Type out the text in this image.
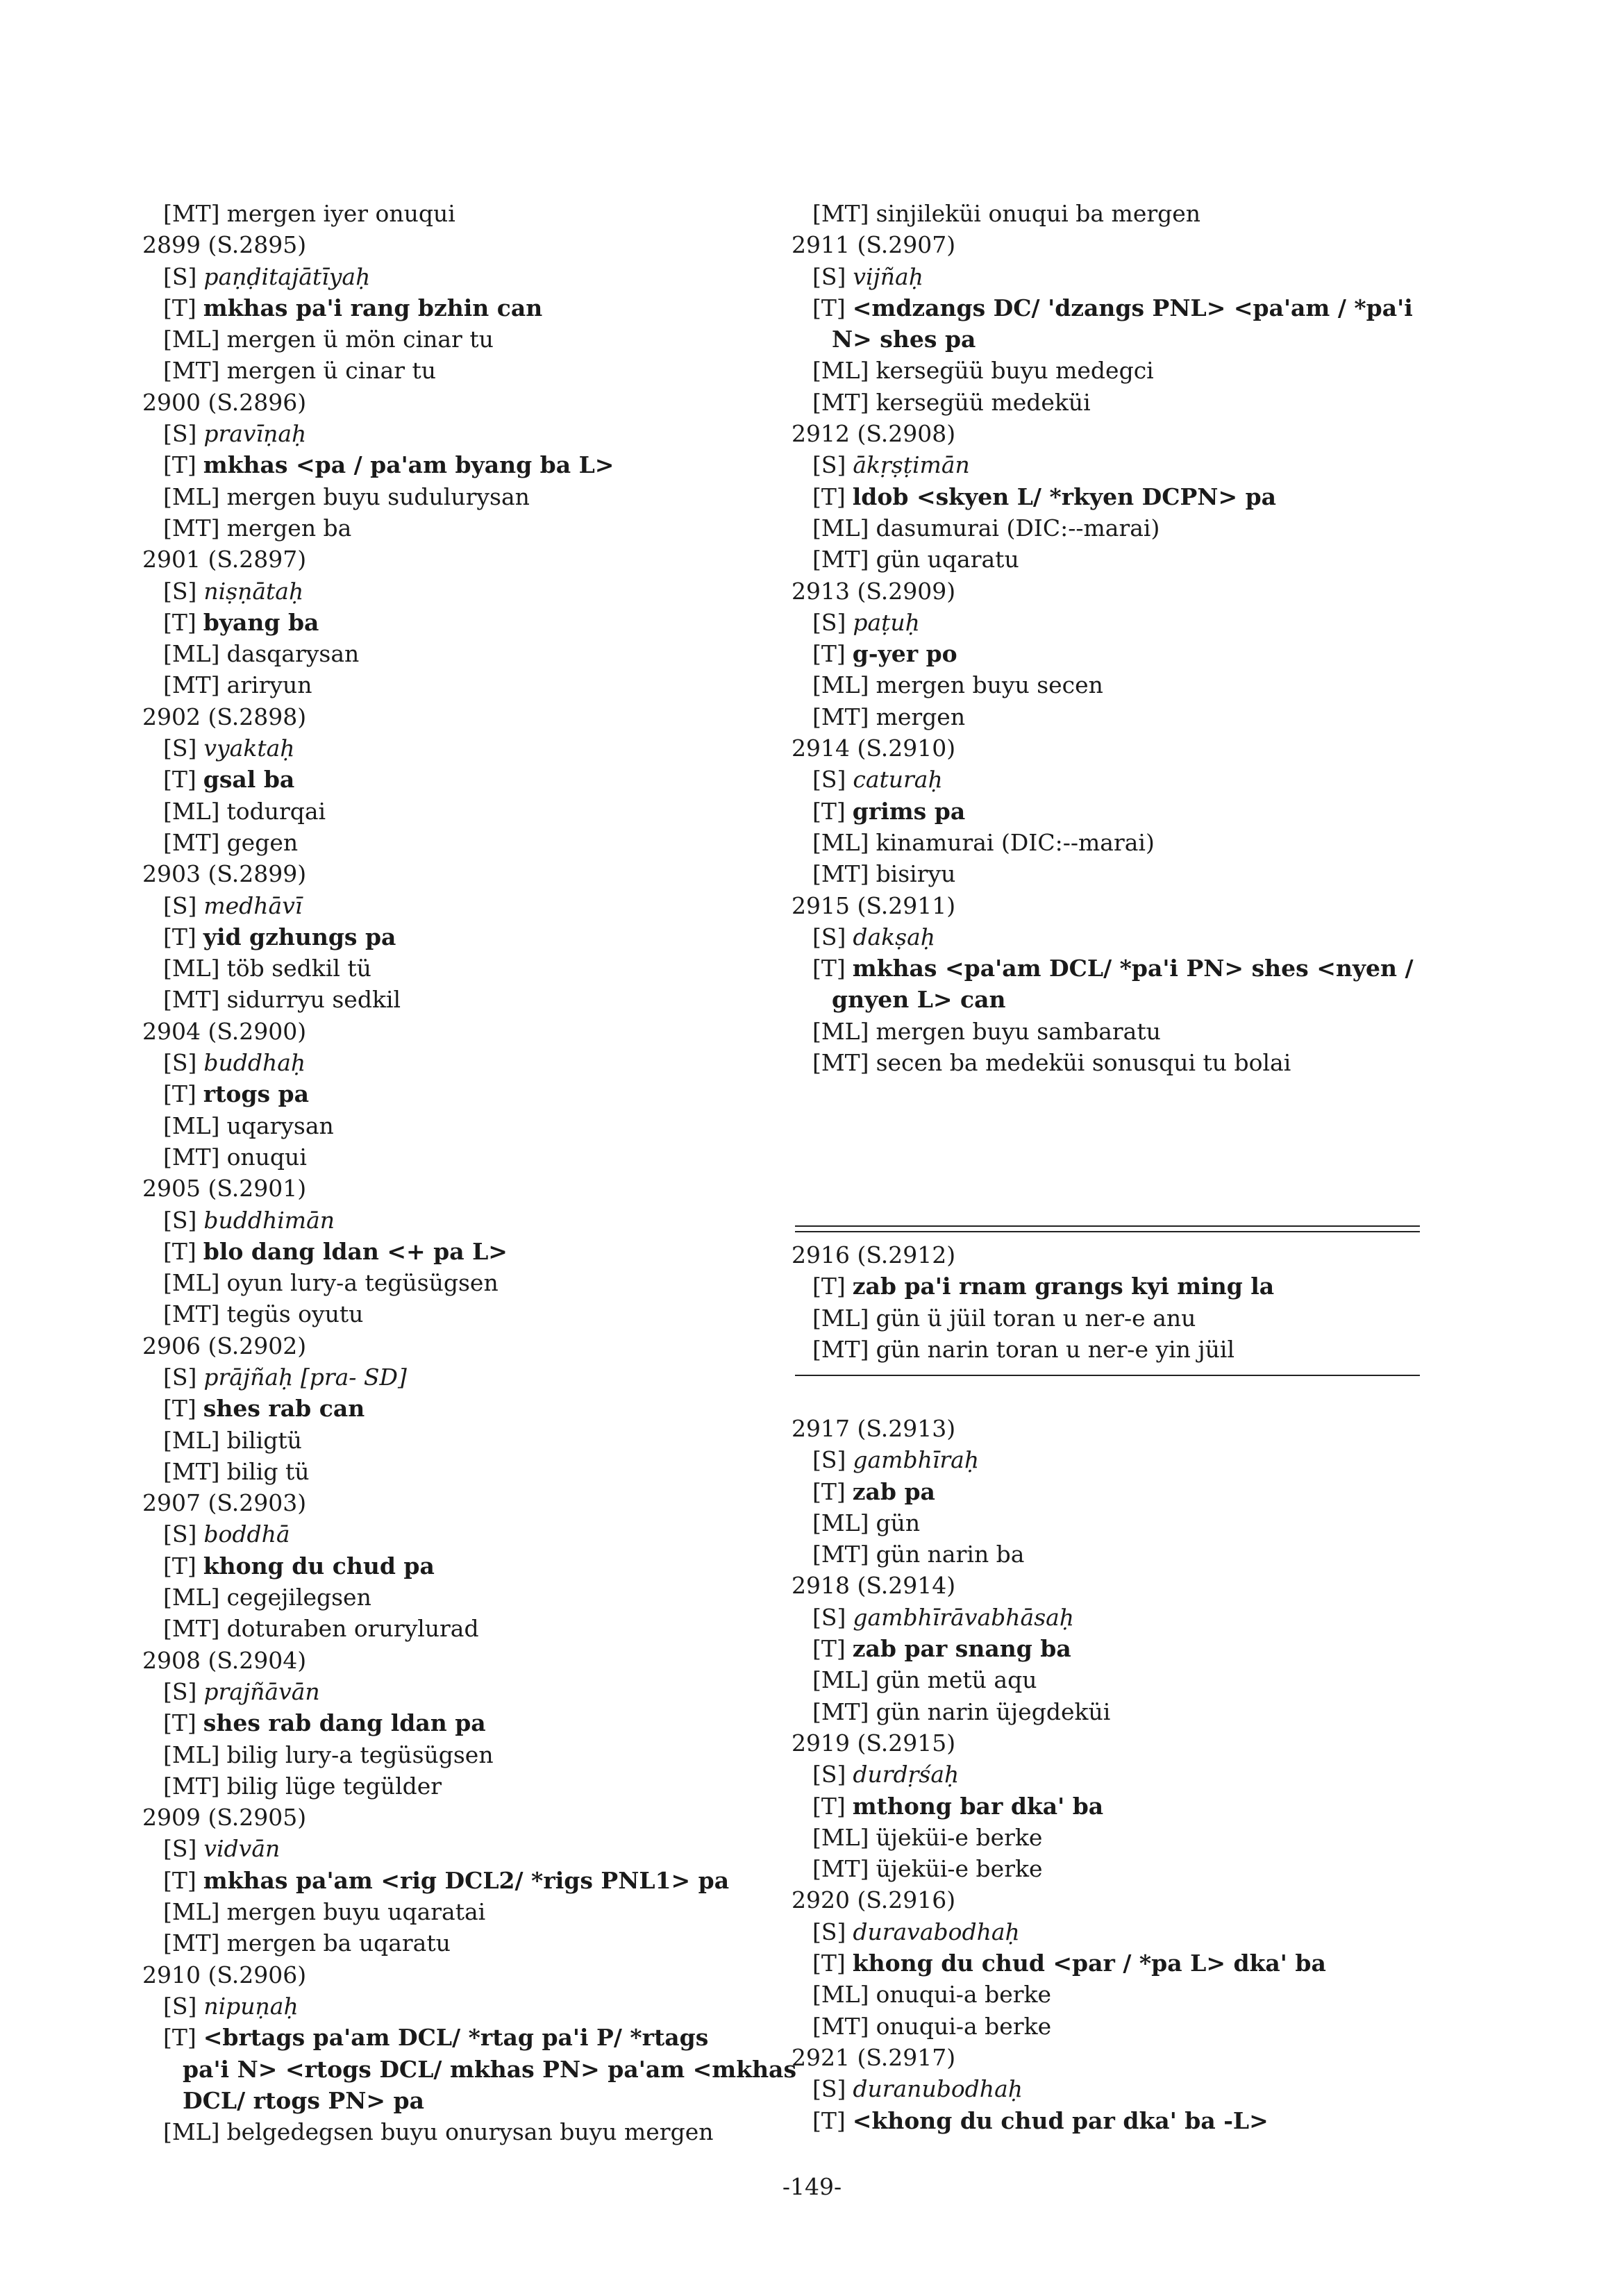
[MT] mergen iyer onuqui
2899 (S.2895)
[S] paṇḍitajātīyaḥ
[T] mkhas pa'i rang bzhin can
[ML] mergen ü mön cinar tu
[MT] mergen ü cinar tu
2900 (S.2896)
[S] pravīṇaḥ
[T] mkhas <pa / pa'am byang ba L>
[ML] mergen buyu sudulurysan
[MT] mergen ba
2901 (S.2897)
[S] niṣṇātaḥ
[T] byang ba
[ML] dasqarysan
[MT] ariryun
2902 (S.2898)
[S] vyaktaḥ
[T] gsal ba
[ML] todurqai
[MT] gegen
2903 (S.2899)
[S] medhāvī
[T] yid gzhungs pa
[ML] töb sedkil tü
[MT] sidurryu sedkil
2904 (S.2900)
[S] buddhaḥ
[T] rtogs pa
[ML] uqarysan
[MT] onuqui
2905 (S.2901)
[S] buddhimān
[T] blo dang ldan <+ pa L>
[ML] oyun lury-a tegüsügsen
[MT] tegüs oyutu
2906 (S.2902)
[S] prājñaḥ [pra- SD]
[T] shes rab can
[ML] biligtü
[MT] bilig tü
2907 (S.2903)
[S] boddhā
[T] khong du chud pa
[ML] cegejilegsen
[MT] doturaben orurylurad
2908 (S.2904)
[S] prajñāvān
[T] shes rab dang ldan pa
[ML] bilig lury-a tegüsügsen
[MT] bilig lüge tegülder
2909 (S.2905)
[S] vidvān
[T] mkhas pa'am <rig DCL2/ *rigs PNL1> pa
[ML] mergen buyu uqaratai
[MT] mergen ba uqaratu
2910 (S.2906)
[S] nipuṇaḥ
[T] <brtags pa'am DCL/ *rtag pa'i P/ *rtags
pa'i N> <rtogs DCL/ mkhas PN> pa'am <mkhas
DCL/ rtogs PN> pa
[ML] belgedegsen buyu onurysan buyu mergen
[MT] sinjileküi onuqui ba mergen
2911 (S.2907)
[S] vijñaḥ
[T] <mdzangs DC/ 'dzangs PNL> <pa'am / *pa'i
N> shes pa
[ML] kersegüü buyu medegci
[MT] kersegüü medeküi
2912 (S.2908)
[S] ākṛṣṭimān
[T] ldob <skyen L/ *rkyen DCPN> pa
[ML] dasumurai (DIC:--marai)
[MT] gün uqaratu
2913 (S.2909)
[S] paṭuḥ
[T] g-yer po
[ML] mergen buyu secen
[MT] mergen
2914 (S.2910)
[S] caturaḥ
[T] grims pa
[ML] kinamurai (DIC:--marai)
[MT] bisiryu
2915 (S.2911)
[S] dakṣaḥ
[T] mkhas <pa'am DCL/ *pa'i PN> shes <nyen /
gnyen L> can
[ML] mergen buyu sambaratu
[MT] secen ba medeküi sonusqui tu bolai
2916 (S.2912)
[T] zab pa'i rnam grangs kyi ming la
[ML] gün ü jüil toran u ner-e anu
[MT] gün narin toran u ner-e yin jüil
2917 (S.2913)
[S] gambhīraḥ
[T] zab pa
[ML] gün
[MT] gün narin ba
2918 (S.2914)
[S] gambhīrāvabhāsaḥ
[T] zab par snang ba
[ML] gün metü aqu
[MT] gün narin üjegdeküi
2919 (S.2915)
[S] durdṛśaḥ
[T] mthong bar dka' ba
[ML] üjeküi-e berke
[MT] üjeküi-e berke
2920 (S.2916)
[S] duravabodhaḥ
[T] khong du chud <par / *pa L> dka' ba
[ML] onuqui-a berke
[MT] onuqui-a berke
2921 (S.2917)
[S] duranubodhaḥ
[T] <khong du chud par dka' ba -L>
-149-
